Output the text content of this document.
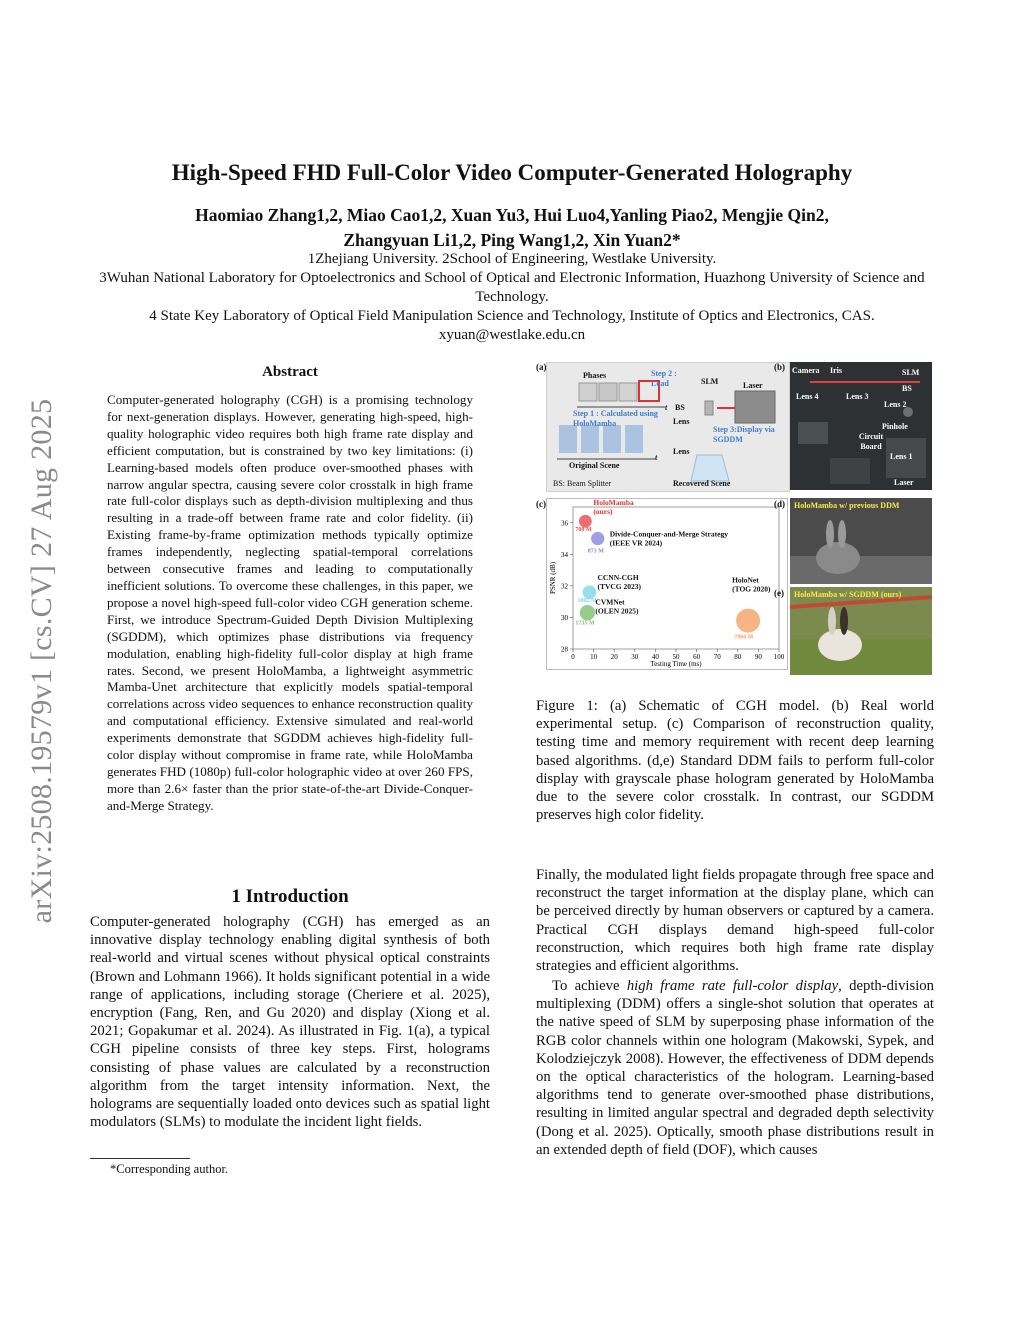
High-Speed FHD Full-Color Video Computer-Generated Holography
Haomiao Zhang1,2, Miao Cao1,2, Xuan Yu3, Hui Luo4,Yanling Piao2, Mengjie Qin2,
Zhangyuan Li1,2, Ping Wang1,2, Xin Yuan2*
1Zhejiang University. 2School of Engineering, Westlake University.
3Wuhan National Laboratory for Optoelectronics and School of Optical and Electronic Information, Huazhong University of Science and Technology.
4 State Key Laboratory of Optical Field Manipulation Science and Technology, Institute of Optics and Electronics, CAS.
xyuan@westlake.edu.cn
arXiv:2508.19579v1 [cs.CV] 27 Aug 2025
Abstract
Computer-generated holography (CGH) is a promising technology for next-generation displays. However, generating high-speed, high-quality holographic video requires both high frame rate display and efficient computation, but is constrained by two key limitations: (i) Learning-based models often produce over-smoothed phases with narrow angular spectra, causing severe color crosstalk in high frame rate full-color displays such as depth-division multiplexing and thus resulting in a trade-off between frame rate and color fidelity. (ii) Existing frame-by-frame optimization methods typically optimize frames independently, neglecting spatial-temporal correlations between consecutive frames and leading to computationally inefficient solutions. To overcome these challenges, in this paper, we propose a novel high-speed full-color video CGH generation scheme. First, we introduce Spectrum-Guided Depth Division Multiplexing (SGDDM), which optimizes phase distributions via frequency modulation, enabling high-fidelity full-color display at high frame rates. Second, we present HoloMamba, a lightweight asymmetric Mamba-Unet architecture that explicitly models spatial-temporal correlations across video sequences to enhance reconstruction quality and computational efficiency. Extensive simulated and real-world experiments demonstrate that SGDDM achieves high-fidelity full-color display without compromise in frame rate, while HoloMamba generates FHD (1080p) full-color holographic video at over 260 FPS, more than 2.6× faster than the prior state-of-the-art Divide-Conquer-and-Merge Strategy.
1 Introduction
Computer-generated holography (CGH) has emerged as an innovative display technology enabling digital synthesis of both real-world and virtual scenes without physical optical constraints (Brown and Lohmann 1966). It holds significant potential in a wide range of applications, including storage (Cheriere et al. 2025), encryption (Fang, Ren, and Gu 2020) and display (Xiong et al. 2021; Gopakumar et al. 2024). As illustrated in Fig. 1(a), a typical CGH pipeline consists of three key steps. First, holograms consisting of phase values are calculated by a reconstruction algorithm from the target intensity information. Next, the holograms are sequentially loaded onto devices such as spatial light modulators (SLMs) to modulate the incident light fields.
*Corresponding author.
(a)
Phases	Step 2 : Load	SLM	Laser
Step 1 : Calculated using HoloMamba
BS
Lens
Step 3:Display via SGDDM
Lens
Original Scene
t
t
BS: Beam Splitter	Recovered Scene
(b) Camera Iris	SLM
BS
Lens 4	Lens 3
Lens 2
Pinhole
Circuit Board
Lens 1
Laser
(c)
0 10 20 30 40 50 60 70 80 90 100
28
30
32
34
36
Testing Time (ms)
PSNR (dB)
HoloMamba
(ours)
708 M Divide-Conquer-and-Merge Strategy
(IEEE VR 2024)
873 M
CCNN-CGH
(TVCG 2023)
1002 M
CVMNet
(OLEN 2025)
1735 M
HoloNet
(TOG 2020)
7984 M
(d) HoloMamba w/ previous DDM
(e) HoloMamba w/ SGDDM (ours)
Figure 1: (a) Schematic of CGH model. (b) Real world experimental setup. (c) Comparison of reconstruction quality, testing time and memory requirement with recent deep learning based algorithms. (d,e) Standard DDM fails to perform full-color display with grayscale phase hologram generated by HoloMamba due to the severe color crosstalk. In contrast, our SGDDM preserves high color fidelity.
Finally, the modulated light fields propagate through free space and reconstruct the target information at the display plane, which can be perceived directly by human observers or captured by a camera. Practical CGH displays demand high-speed full-color reconstruction, which requires both high frame rate display strategies and efficient algorithms.
To achieve high frame rate full-color display, depth-division multiplexing (DDM) offers a single-shot solution that operates at the native speed of SLM by superposing phase information of the RGB color channels within one hologram (Makowski, Sypek, and Kolodziejczyk 2008). However, the effectiveness of DDM depends on the optical characteristics of the hologram. Learning-based algorithms tend to generate over-smoothed phase distributions, resulting in limited angular spectral and degraded depth selectivity (Dong et al. 2025). Optically, smooth phase distributions result in an extended depth of field (DOF), which causes
